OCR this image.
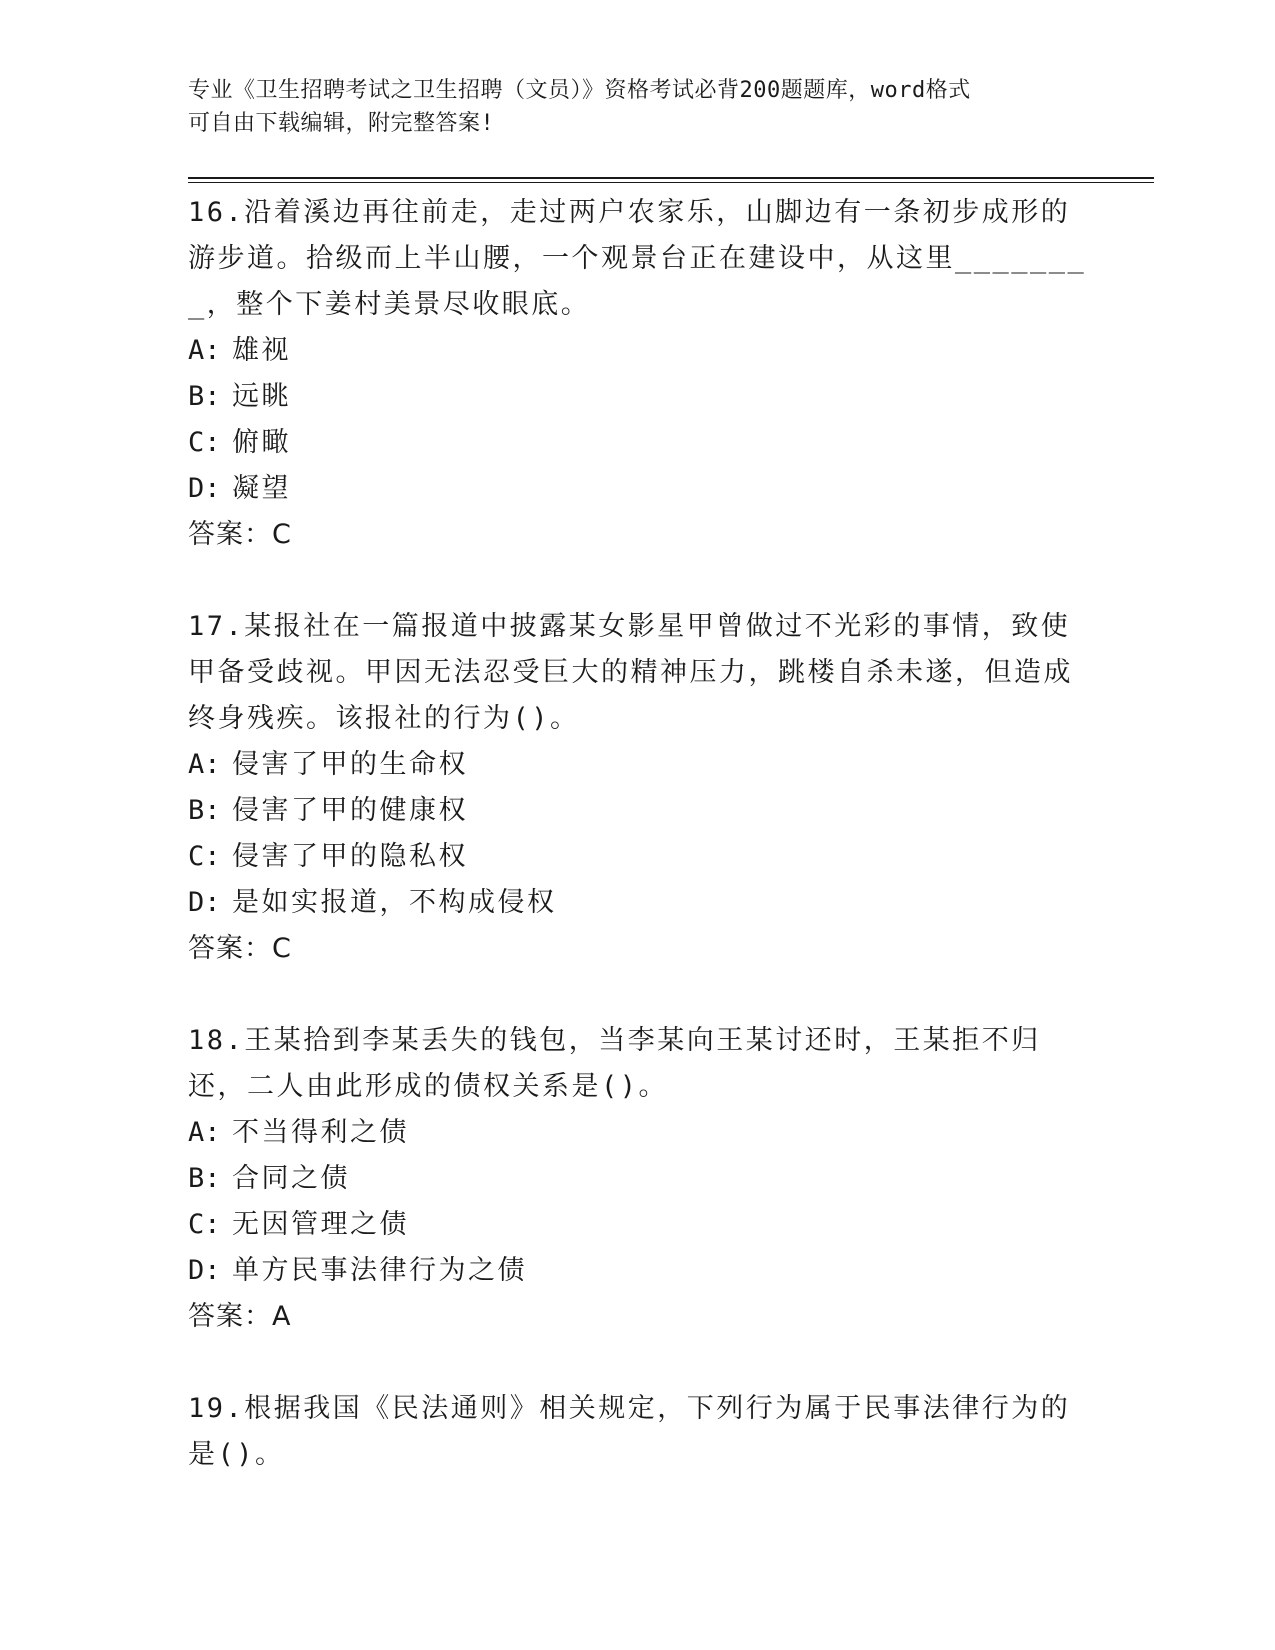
专业《卫生招聘考试之卫生招聘（文员）》资格考试必背200题题库，word格式
可自由下载编辑，附完整答案!
16.沿着溪边再往前走，走过两户农家乐，山脚边有一条初步成形的游步道。拾级而上半山腰，一个观景台正在建设中，从这里________，整个下姜村美景尽收眼底。
A: 雄视
B: 远眺
C: 俯瞰
D: 凝望
答案：C
17.某报社在一篇报道中披露某女影星甲曾做过不光彩的事情，致使甲备受歧视。甲因无法忍受巨大的精神压力，跳楼自杀未遂，但造成终身残疾。该报社的行为()。
A: 侵害了甲的生命权
B: 侵害了甲的健康权
C: 侵害了甲的隐私权
D: 是如实报道，不构成侵权
答案：C
18.王某拾到李某丢失的钱包，当李某向王某讨还时，王某拒不归还，二人由此形成的债权关系是()。
A: 不当得利之债
B: 合同之债
C: 无因管理之债
D: 单方民事法律行为之债
答案：A
19.根据我国《民法通则》相关规定，下列行为属于民事法律行为的是()。
